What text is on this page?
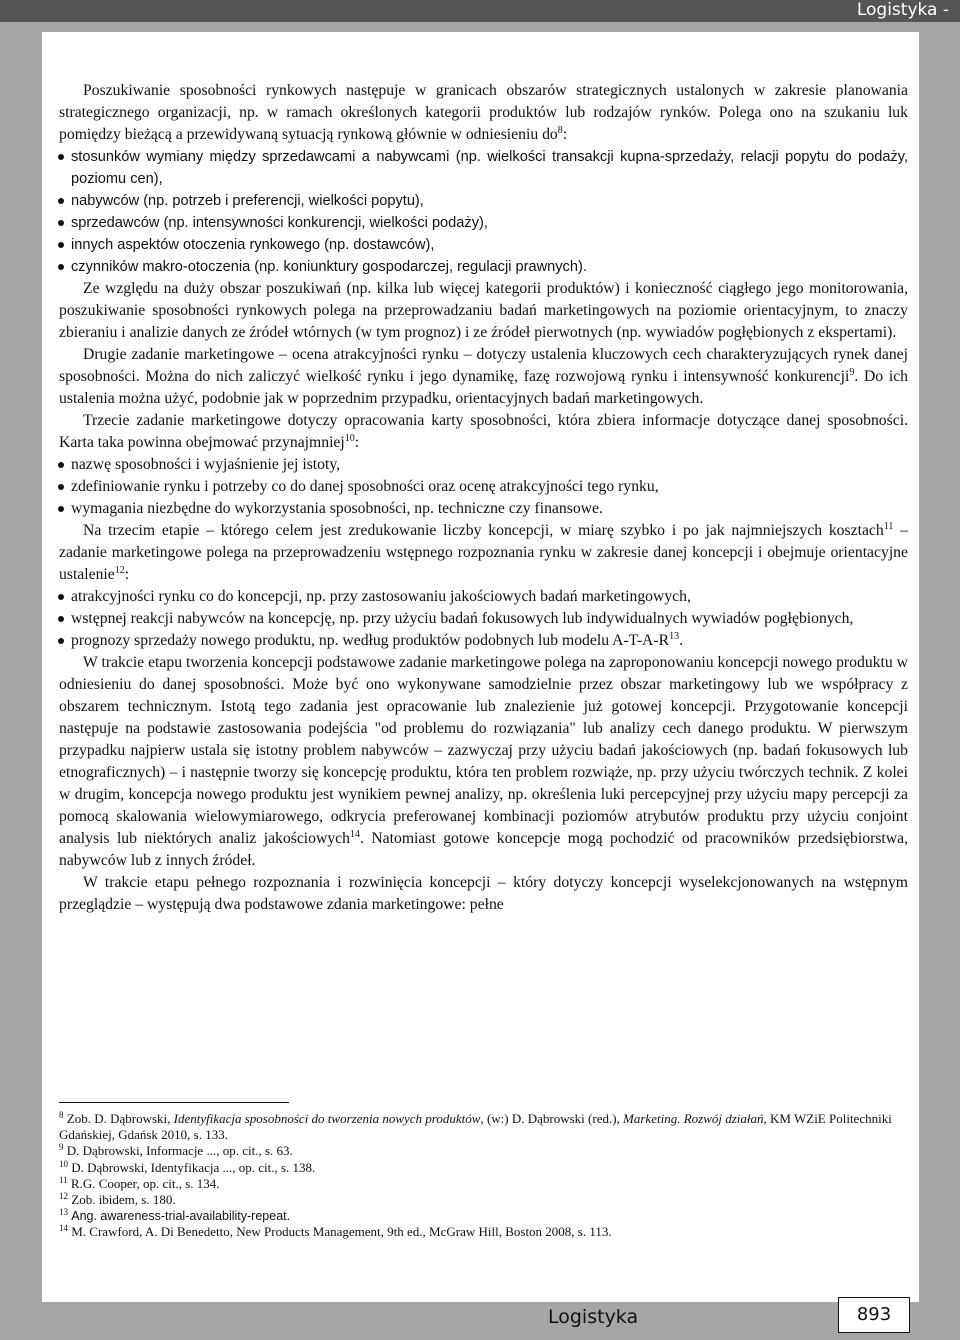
Logistyka -

Poszukiwanie sposobności rynkowych następuje w granicach obszarów strategicznych ustalonych w zakresie planowania strategicznego organizacji, np. w ramach określonych kategorii produktów lub rodzajów rynków. Polega ono na szukaniu luk pomiędzy bieżącą a przewidywaną sytuacją rynkową głównie w odniesieniu $do^8$:

stosunków wymiany między sprzedawcami a nabywcami (np. wielkości transakcji kupna-sprzedaży, relacji popytu do podaży, poziomu cen),
nabywców (np. potrzeb i preferencji, wielkości popytu),
sprzedawców (np. intensywności konkurencji, wielkości podaży),
innych aspektów otoczenia rynkowego (np. dostawców),
czynników makro-otoczenia (np. koniunktury gospodarczej, regulacji prawnych).

Ze względu na duży obszar poszukiwań (np. kilka lub więcej kategorii produktów) i konieczność ciągłego jego monitorowania, poszukiwanie sposobności rynkowych polega na przeprowadzaniu badań marketingowych na poziomie orientacyjnym, to znaczy zbieraniu i analizie danych ze źródeł wtórnych (w tym prognoz) i ze źródeł pierwotnych (np. wywiadów pogłębionych z ekspertami).

Drugie zadanie marketingowe – ocena atrakcyjności rynku – dotyczy ustalenia kluczowych cech charakteryzujących rynek danej sposobności. Można do nich zaliczyć wielkość rynku i jego dynamikę, fazę rozwojową rynku i intensywność konkurencji$^9$. Do ich ustalenia można użyć, podobnie jak w poprzednim przypadku, orientacyjnych badań marketingowych.

Trzecie zadanie marketingowe dotyczy opracowania karty sposobności, która zbiera informacje dotyczące danej sposobności. Karta taka powinna obejmować przynajmniej$^{10}$:

nazwę sposobności i wyjaśnienie jej istoty,
zdefiniowanie rynku i potrzeby co do danej sposobności oraz ocenę atrakcyjności tego rynku,
wymagania niezbędne do wykorzystania sposobności, np. techniczne czy finansowe.

Na trzecim etapie – którego celem jest zredukowanie liczby koncepcji, w miarę szybko i po jak najmniejszych kosztach$^{11}$ – zadanie marketingowe polega na przeprowadzeniu wstępnego rozpoznania rynku w zakresie danej koncepcji i obejmuje orientacyjne ustalenie$^{12}$:

atrakcyjności rynku co do koncepcji, np. przy zastosowaniu jakościowych badań marketingowych,
wstępnej reakcji nabywców na koncepcję, np. przy użyciu badań fokusowych lub indywidualnych wywiadów pogłębionych,
prognozy sprzedaży nowego produktu, np. według produktów podobnych lub modelu $A-T-A-R^{13}$.

W trakcie etapu tworzenia koncepcji podstawowe zadanie marketingowe polega na zaproponowaniu koncepcji nowego produktu w odniesieniu do danej sposobności. Może być ono wykonywane samodzielnie przez obszar marketingowy lub we współpracy z obszarem technicznym. Istotą tego zadania jest opracowanie lub znalezienie już gotowej koncepcji. Przygotowanie koncepcji następuje na podstawie zastosowania podejścia "od problemu do rozwiązania" lub analizy cech danego produktu. W pierwszym przypadku najpierw ustala się istotny problem nabywców – zazwyczaj przy użyciu badań jakościowych (np. badań fokusowych lub etnograficznych) – i następnie tworzy się koncepcję produktu, która ten problem rozwiąże, np. przy użyciu twórczych technik. Z kolei w drugim, koncepcja nowego produktu jest wynikiem pewnej analizy, np. określenia luki percepcyjnej przy użyciu mapy percepcji za pomocą skalowania wielowymiarowego, odkrycia preferowanej kombinacji poziomów atrybutów produktu przy użyciu conjoint analysis lub niektórych analiz jakościowych$^{14}$. Natomiast gotowe koncepcje mogą pochodzić od pracowników przedsiębiorstwa, nabywców lub z innych źródeł.

W trakcie etapu pełnego rozpoznania i rozwinięcia koncepcji – który dotyczy koncepcji wyselekcjonowanych na wstępnym przeglądzie – występują dwa podstawowe zdania marketingowe: pełne

$^8$ Zob. D. Dąbrowski, Identyfikacja sposobności do tworzenia nowych produktów, (w:) D. Dąbrowski (red.), Marketing. Rozwój działań, KM WZiE Politechniki Gdańskiej, Gdańsk 2010, s. 133.

$^9$ D. Dąbrowski, Informacje ..., op. cit., s. 63.

$^{10}$ D. Dąbrowski, Identyfikacja ..., op. cit., s. 138.

$^{11}$ R.G. Cooper, op. cit., s. 134.

$^{12}$ Zob. ibidem, s. 180.

$^{13}$ Ang. awareness-trial-availability-repeat.

$^{14}$ M. Crawford, A. Di Benedetto, New Products Management, 9th ed., McGraw Hill, Boston 2008, s. 113.

Logistyka	893
